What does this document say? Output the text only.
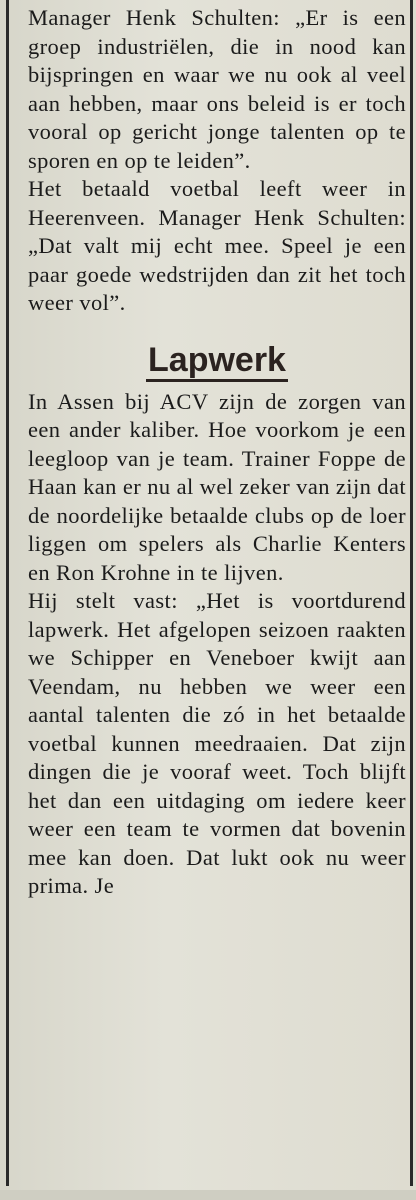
Manager Henk Schulten: „Er is een groep industriëlen, die in nood kan bijspringen en waar we nu ook al veel aan hebben, maar ons beleid is er toch vooral op gericht jonge talenten op te sporen en op te leiden”.

Het betaald voetbal leeft weer in Heerenveen. Manager Henk Schulten: „Dat valt mij echt mee. Speel je een paar goede wedstrijden dan zit het toch weer vol”.

Lapwerk

In Assen bij ACV zijn de zorgen van een ander kaliber. Hoe voorkom je een leegloop van je team. Trainer Foppe de Haan kan er nu al wel zeker van zijn dat de noordelijke betaalde clubs op de loer liggen om spelers als Charlie Kenters en Ron Krohne in te lijven.

Hij stelt vast: „Het is voortdurend lapwerk. Het afgelopen seizoen raakten we Schipper en Veneboer kwijt aan Veendam, nu hebben we weer een aantal talenten die zó in het betaalde voetbal kunnen meedraaien. Dat zijn dingen die je vooraf weet. Toch blijft het dan een uitdaging om iedere keer weer een team te vormen dat bovenin mee kan doen. Dat lukt ook nu weer prima. Je
